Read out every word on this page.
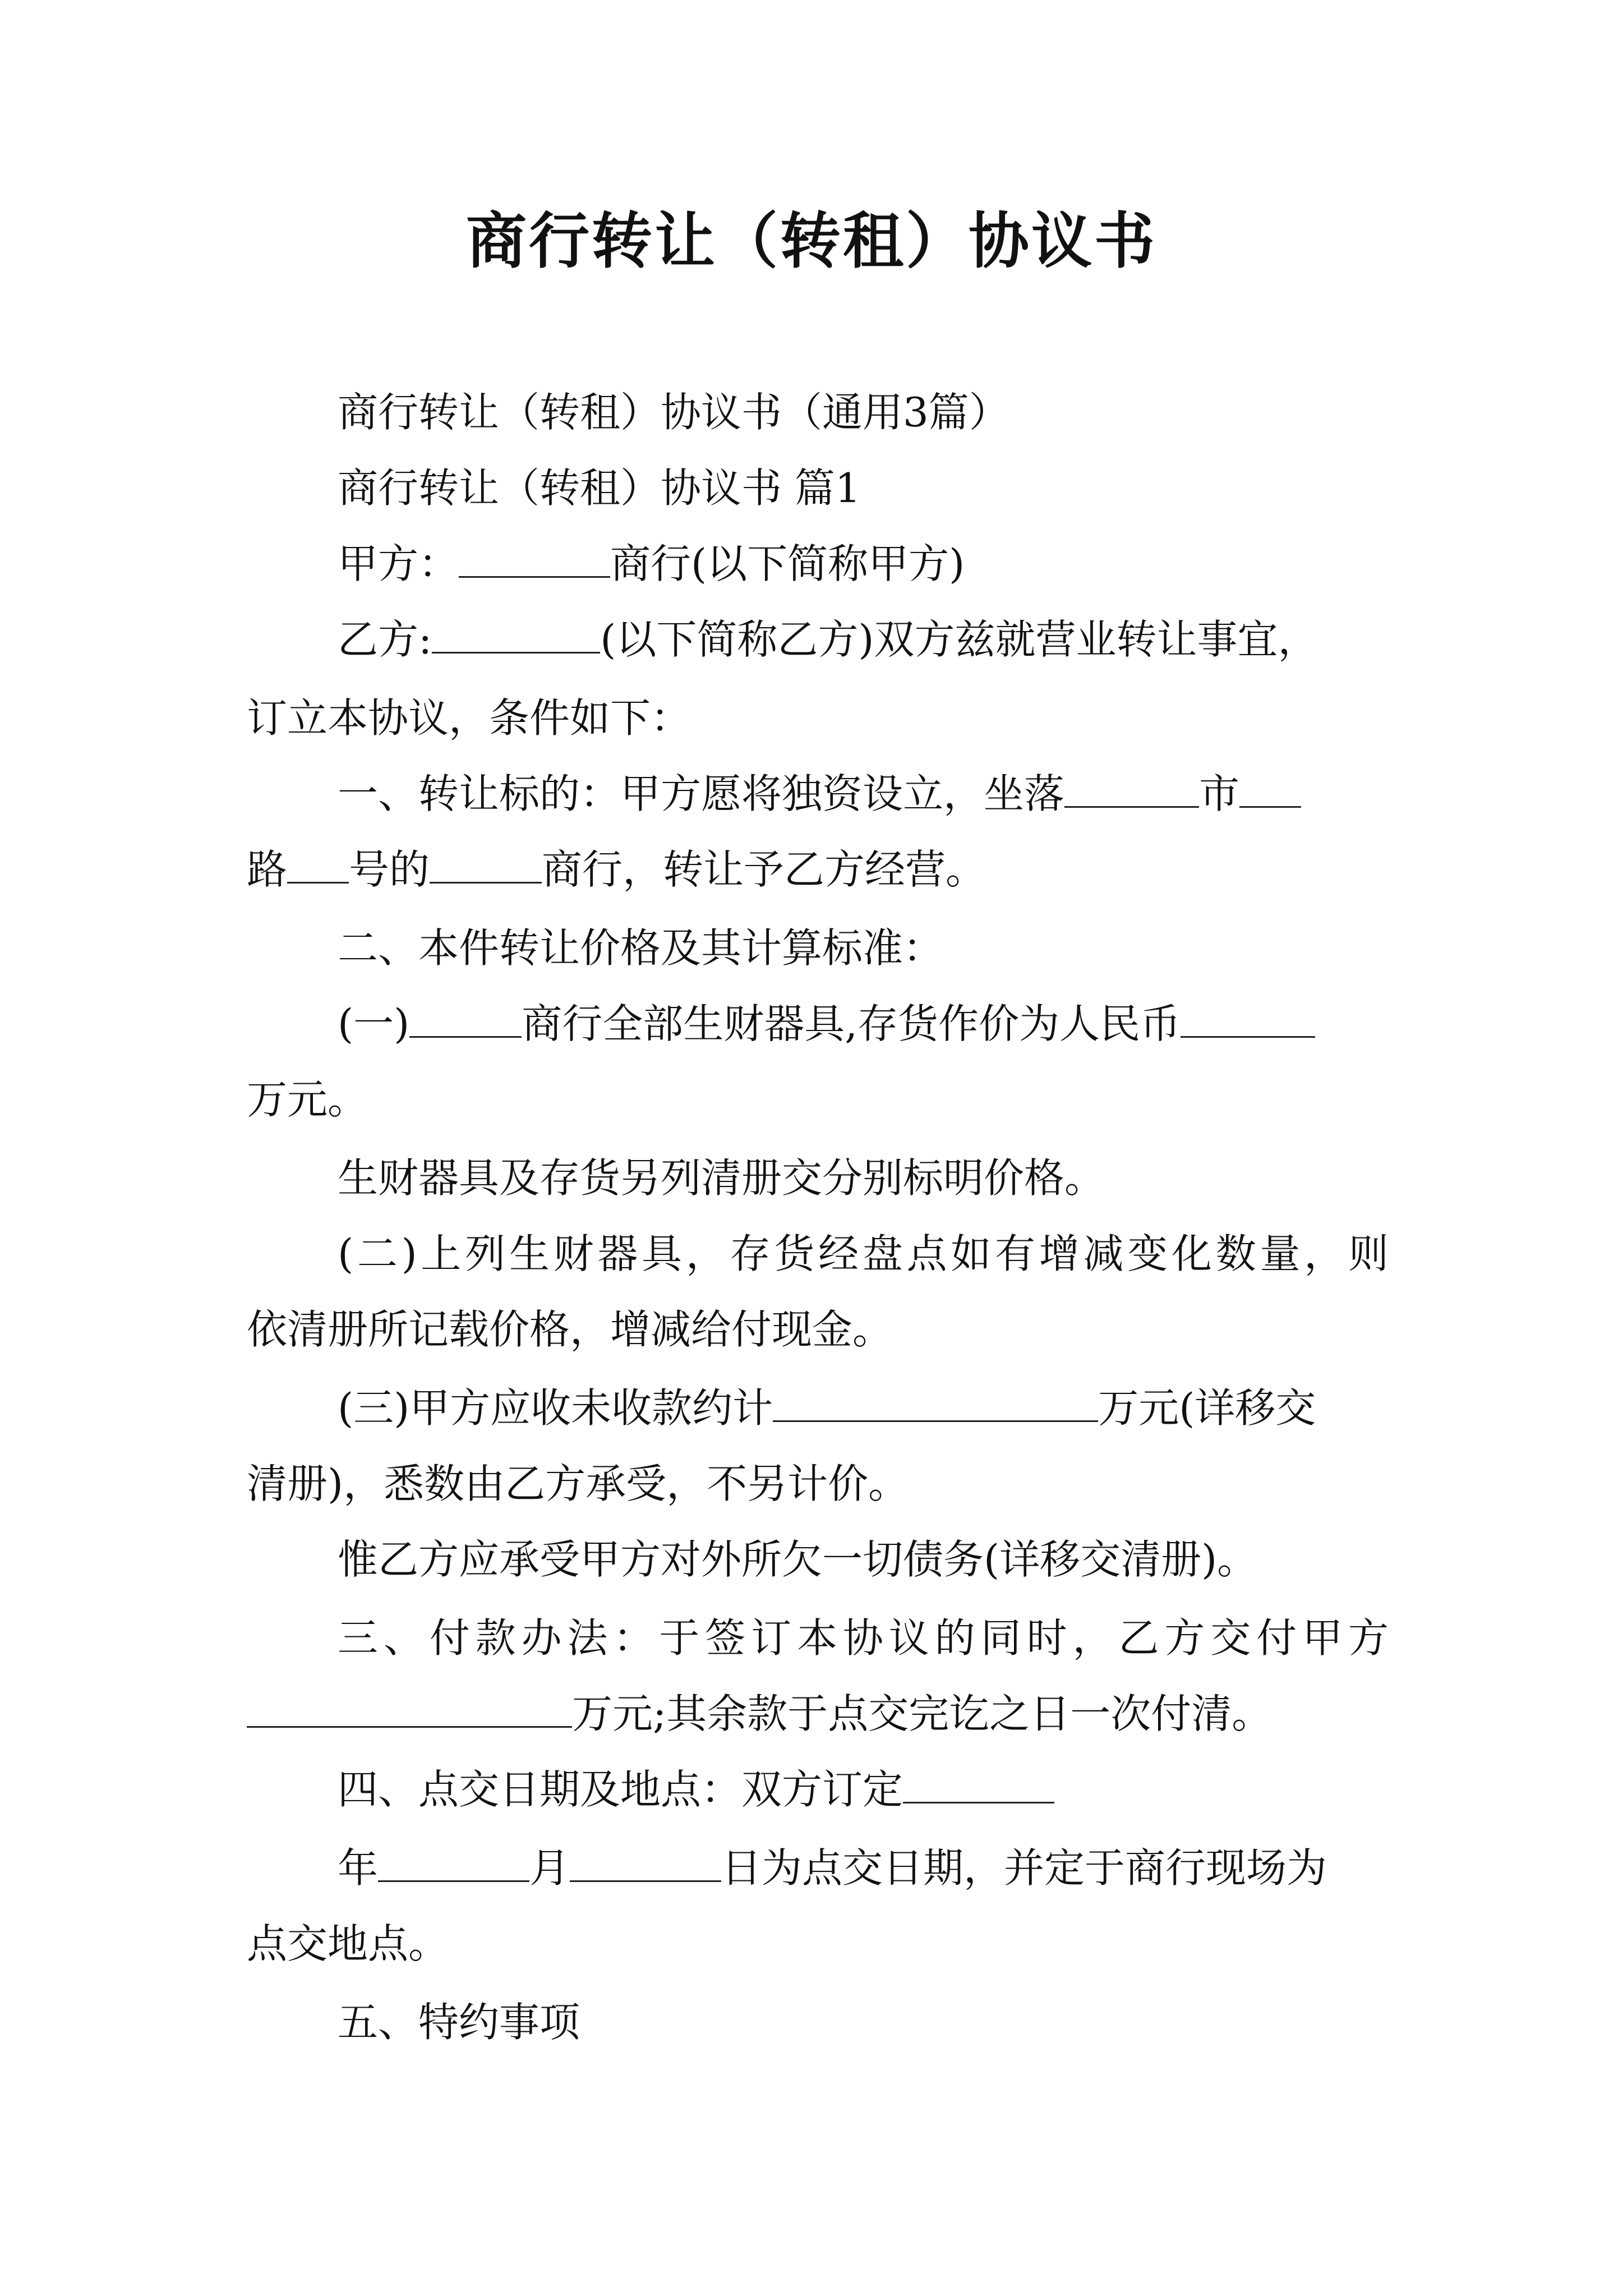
商行转让（转租）协议书
商行转让（转租）协议书（通用3篇）
商行转让（转租）协议书 篇1
甲方：	商行(以下简称甲方)
乙方:	(以下简称乙方)双方兹就营业转让事宜，
订立本协议，条件如下：
一、转让标的：甲方愿将独资设立，坐落	市
路 号的	商行，转让予乙方经营。
二、本件转让价格及其计算标准：
(一)	商行全部生财器具,存货作价为人民币
万元。
生财器具及存货另列清册交分别标明价格。
(二)上列生财器具，存货经盘点如有增减变化数量，则
依清册所记载价格，增减给付现金。
(三)甲方应收未收款约计	万元(详移交
清册)，悉数由乙方承受，不另计价。
惟乙方应承受甲方对外所欠一切债务(详移交清册)。
三、付款办法：于签订本协议的同时，乙方交付甲方
万元;其余款于点交完讫之日一次付清。
四、点交日期及地点：双方订定
年	月	日为点交日期，并定于商行现场为
点交地点。
五、特约事项
